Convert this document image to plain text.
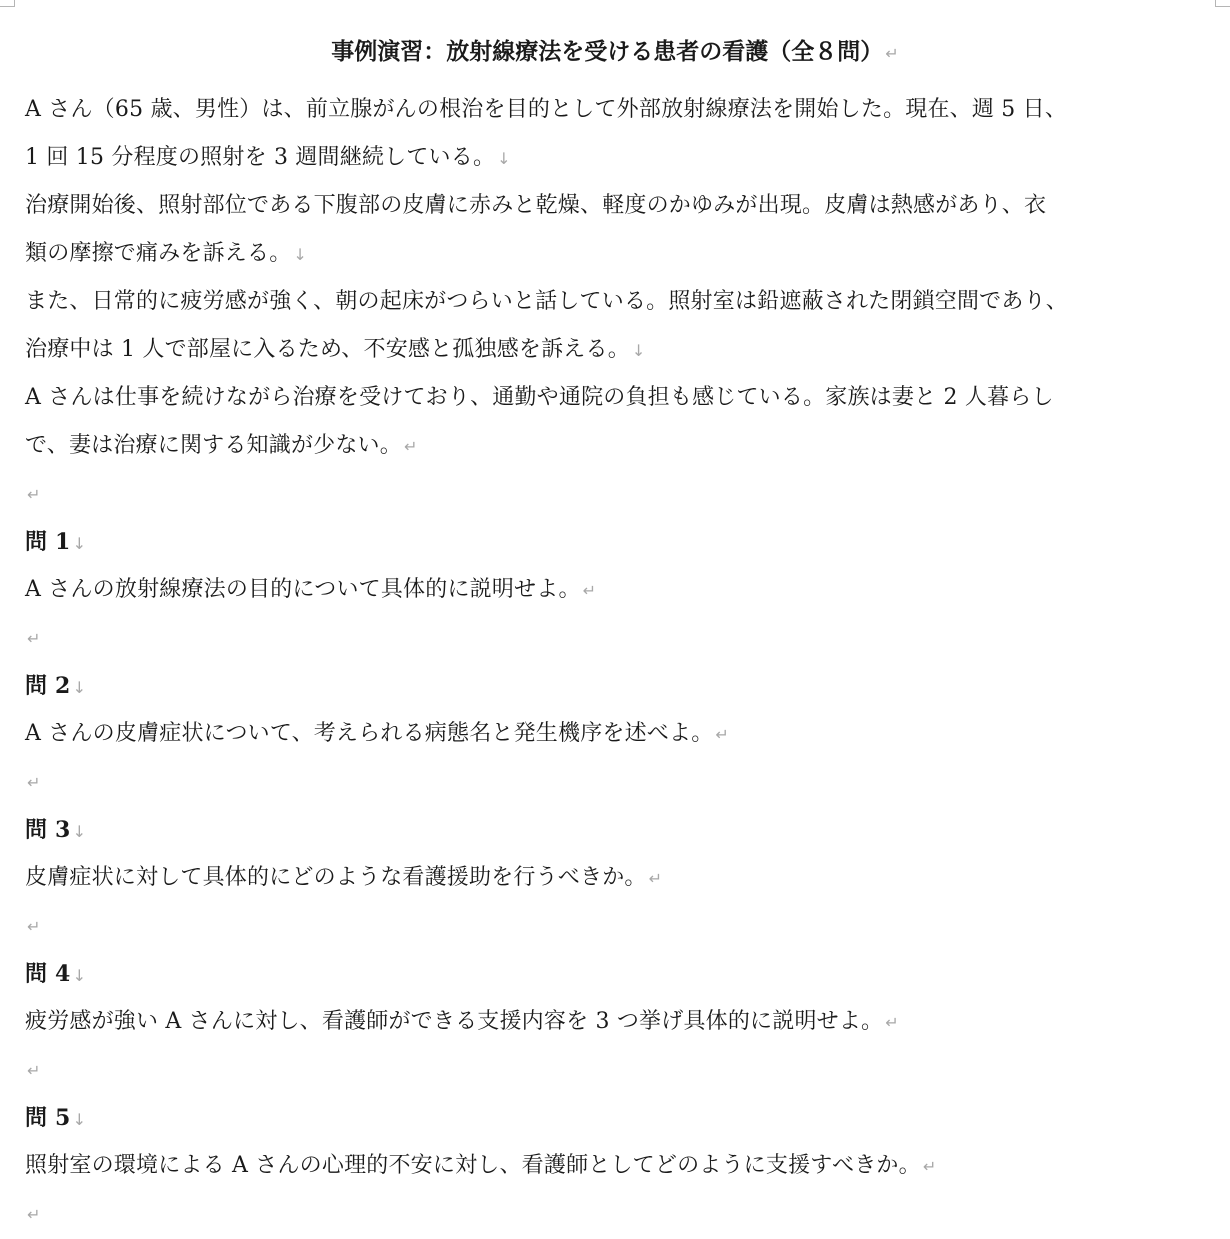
事例演習：放射線療法を受ける患者の看護（全８問） ↵
A さん（65 歳、男性）は、前立腺がんの根治を目的として外部放射線療法を開始した。現在、週 5 日、
1 回 15 分程度の照射を 3 週間継続している。 ↓
治療開始後、照射部位である下腹部の皮膚に赤みと乾燥、軽度のかゆみが出現。皮膚は熱感があり、衣
類の摩擦で痛みを訴える。 ↓
また、日常的に疲労感が強く、朝の起床がつらいと話している。照射室は鉛遮蔽された閉鎖空間であり、
治療中は 1 人で部屋に入るため、不安感と孤独感を訴える。 ↓
A さんは仕事を続けながら治療を受けており、通勤や通院の負担も感じている。家族は妻と 2 人暮らし
で、妻は治療に関する知識が少ない。 ↵
↵
問 1 ↓
A さんの放射線療法の目的について具体的に説明せよ。 ↵
↵
問 2 ↓
A さんの皮膚症状について、考えられる病態名と発生機序を述べよ。 ↵
↵
問 3 ↓
皮膚症状に対して具体的にどのような看護援助を行うべきか。 ↵
↵
問 4 ↓
疲労感が強い A さんに対し、看護師ができる支援内容を 3 つ挙げ具体的に説明せよ。 ↵
↵
問 5 ↓
照射室の環境による A さんの心理的不安に対し、看護師としてどのように支援すべきか。 ↵
↵
